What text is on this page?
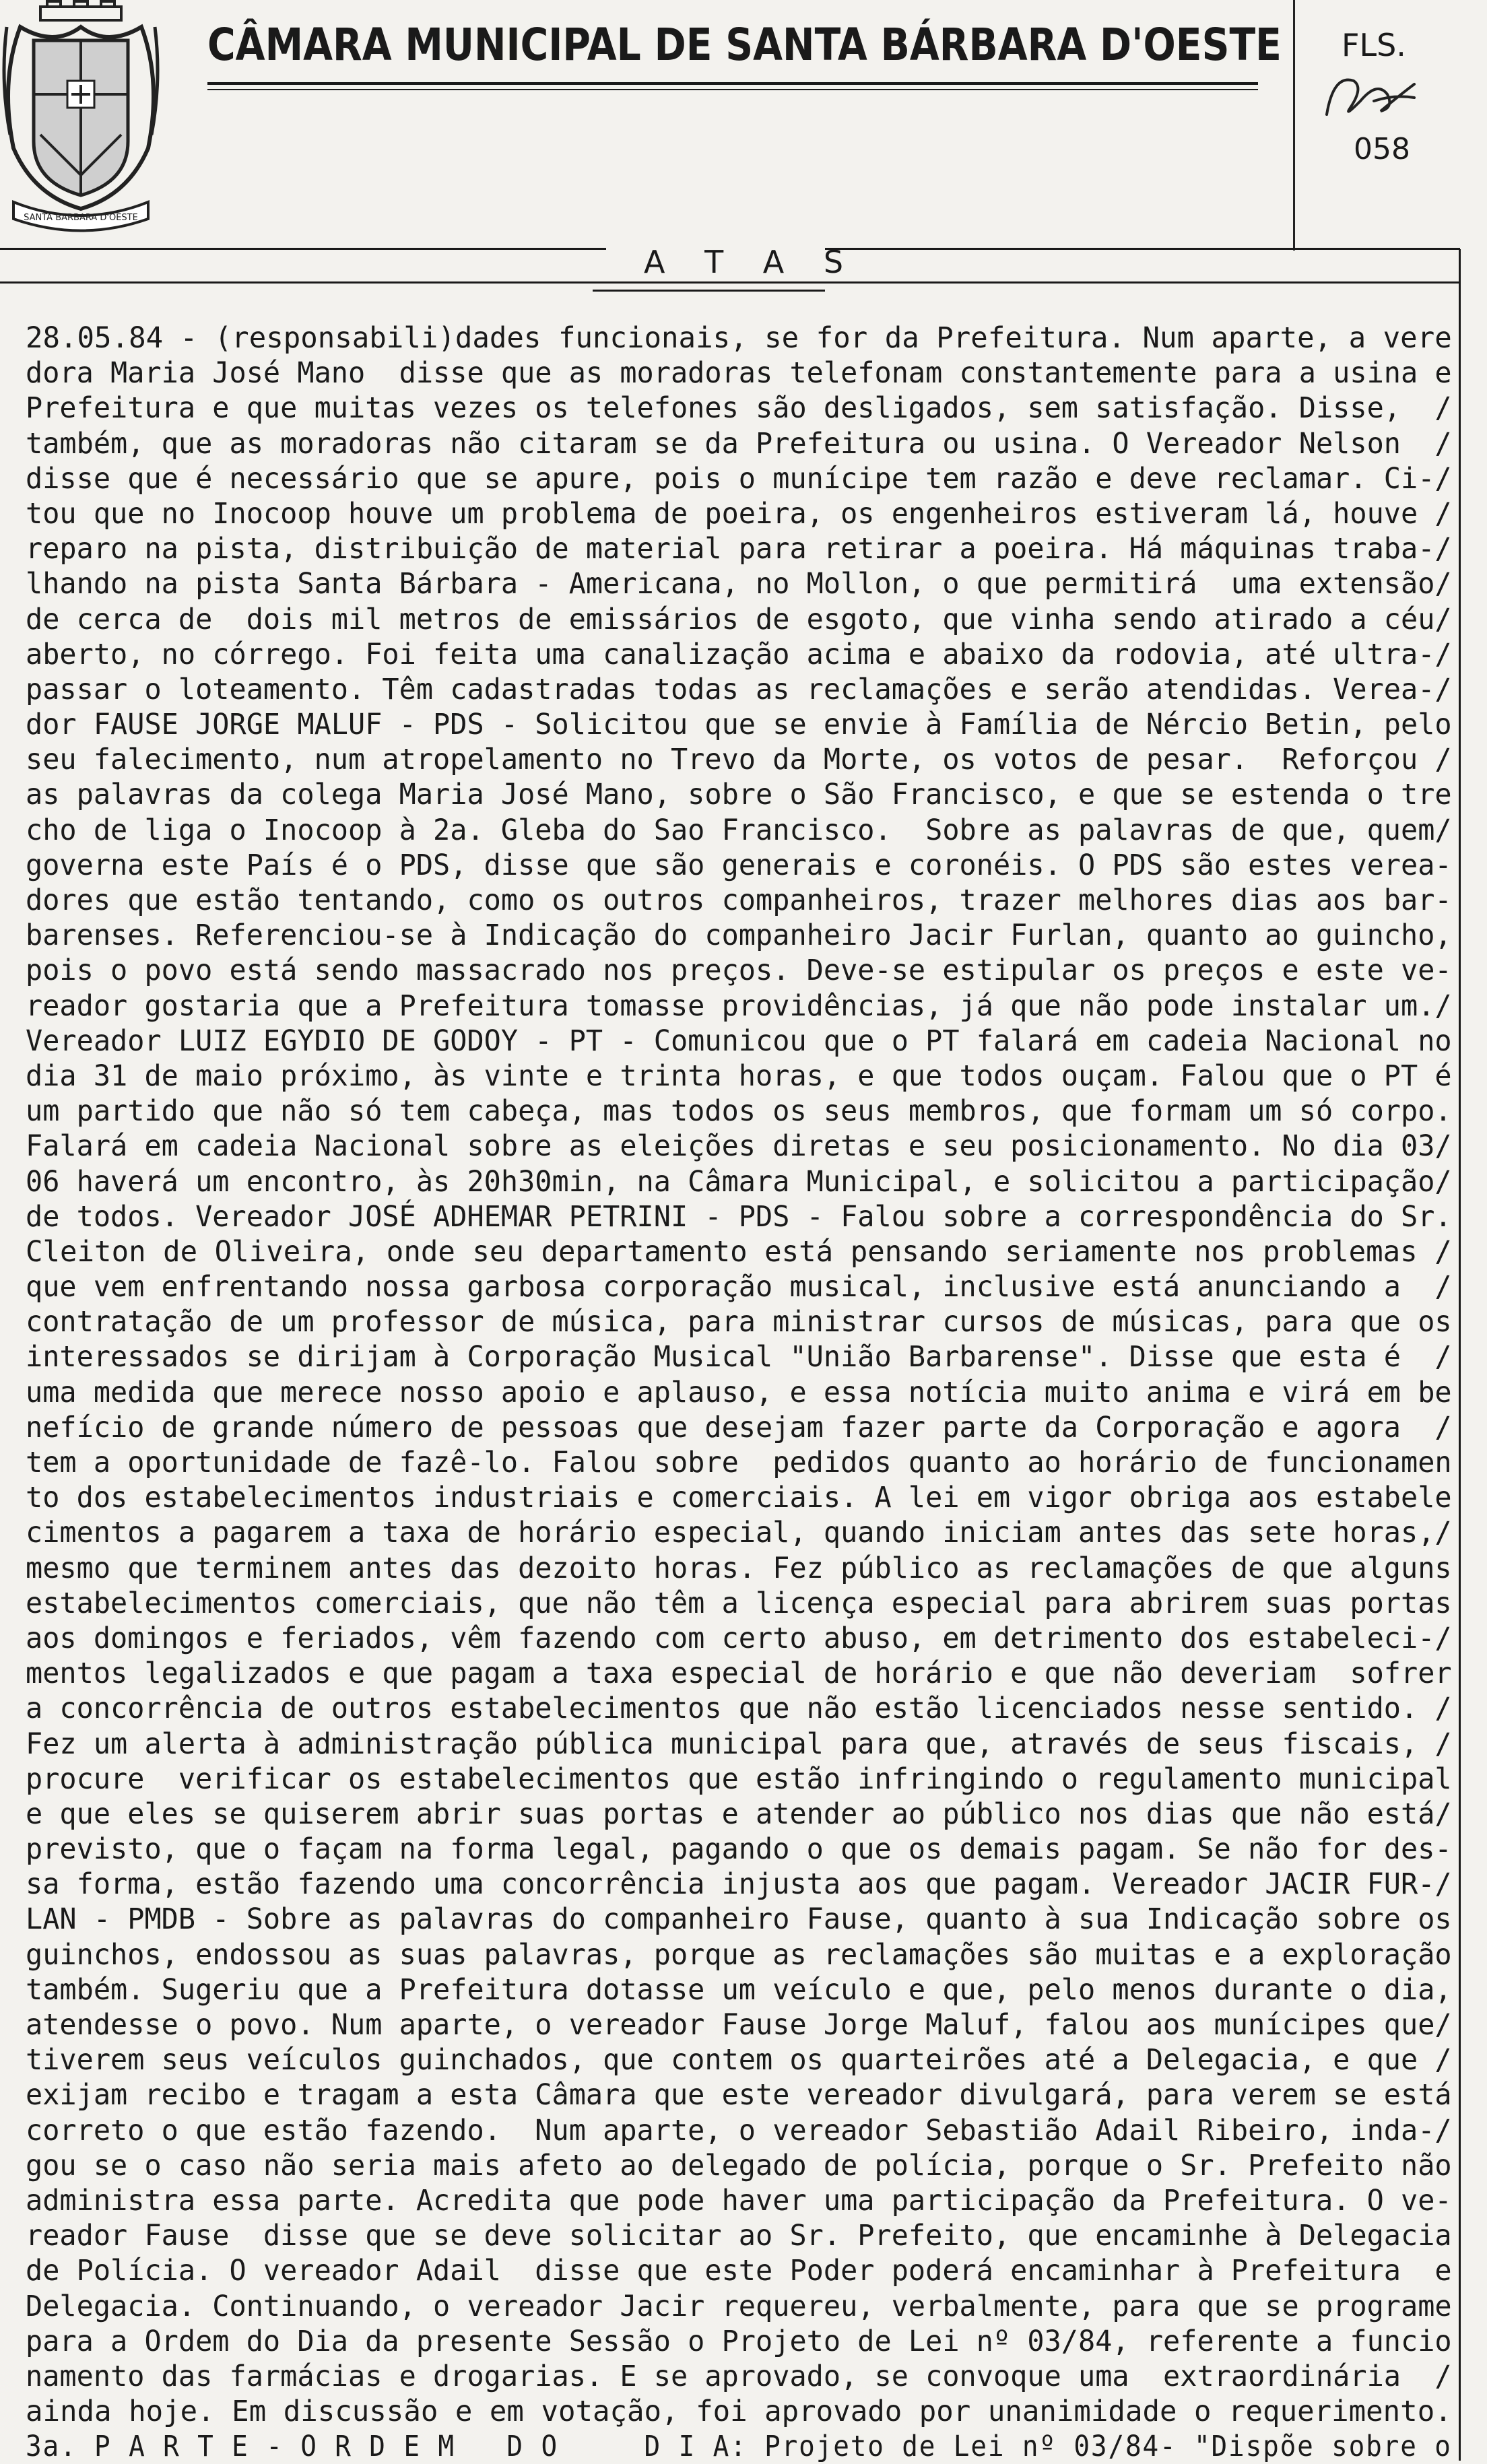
SANTA BARBARA D'OESTE
CÂMARA MUNICIPAL DE SANTA BÁRBARA D'OESTE FLS.
058
A T A S
28.05.84 - (responsabili)dades funcionais, se for da Prefeitura. Num aparte, a vere
dora Maria José Mano  disse que as moradoras telefonam constantemente para a usina e
Prefeitura e que muitas vezes os telefones são desligados, sem satisfação. Disse,  /
também, que as moradoras não citaram se da Prefeitura ou usina. O Vereador Nelson  /
disse que é necessário que se apure, pois o munícipe tem razão e deve reclamar. Ci-/
tou que no Inocoop houve um problema de poeira, os engenheiros estiveram lá, houve /
reparo na pista, distribuição de material para retirar a poeira. Há máquinas traba-/
lhando na pista Santa Bárbara - Americana, no Mollon, o que permitirá  uma extensão/
de cerca de  dois mil metros de emissários de esgoto, que vinha sendo atirado a céu/
aberto, no córrego. Foi feita uma canalização acima e abaixo da rodovia, até ultra-/
passar o loteamento. Têm cadastradas todas as reclamações e serão atendidas. Verea-/
dor FAUSE JORGE MALUF - PDS - Solicitou que se envie à Família de Nércio Betin, pelo
seu falecimento, num atropelamento no Trevo da Morte, os votos de pesar.  Reforçou /
as palavras da colega Maria José Mano, sobre o São Francisco, e que se estenda o tre
cho de liga o Inocoop à 2a. Gleba do Sao Francisco.  Sobre as palavras de que, quem/
governa este País é o PDS, disse que são generais e coronéis. O PDS são estes verea-
dores que estão tentando, como os outros companheiros, trazer melhores dias aos bar-
barenses. Referenciou-se à Indicação do companheiro Jacir Furlan, quanto ao guincho,
pois o povo está sendo massacrado nos preços. Deve-se estipular os preços e este ve-
reador gostaria que a Prefeitura tomasse providências, já que não pode instalar um./
Vereador LUIZ EGYDIO DE GODOY - PT - Comunicou que o PT falará em cadeia Nacional no
dia 31 de maio próximo, às vinte e trinta horas, e que todos ouçam. Falou que o PT é
um partido que não só tem cabeça, mas todos os seus membros, que formam um só corpo.
Falará em cadeia Nacional sobre as eleições diretas e seu posicionamento. No dia 03/
06 haverá um encontro, às 20h30min, na Câmara Municipal, e solicitou a participação/
de todos. Vereador JOSÉ ADHEMAR PETRINI - PDS - Falou sobre a correspondência do Sr.
Cleiton de Oliveira, onde seu departamento está pensando seriamente nos problemas /
que vem enfrentando nossa garbosa corporação musical, inclusive está anunciando a  /
contratação de um professor de música, para ministrar cursos de músicas, para que os
interessados se dirijam à Corporação Musical "União Barbarense". Disse que esta é  /
uma medida que merece nosso apoio e aplauso, e essa notícia muito anima e virá em be
nefício de grande número de pessoas que desejam fazer parte da Corporação e agora  /
tem a oportunidade de fazê-lo. Falou sobre  pedidos quanto ao horário de funcionamen
to dos estabelecimentos industriais e comerciais. A lei em vigor obriga aos estabele
cimentos a pagarem a taxa de horário especial, quando iniciam antes das sete horas,/
mesmo que terminem antes das dezoito horas. Fez público as reclamações de que alguns
estabelecimentos comerciais, que não têm a licença especial para abrirem suas portas
aos domingos e feriados, vêm fazendo com certo abuso, em detrimento dos estabeleci-/
mentos legalizados e que pagam a taxa especial de horário e que não deveriam  sofrer
a concorrência de outros estabelecimentos que não estão licenciados nesse sentido. /
Fez um alerta à administração pública municipal para que, através de seus fiscais, /
procure  verificar os estabelecimentos que estão infringindo o regulamento municipal
e que eles se quiserem abrir suas portas e atender ao público nos dias que não está/
previsto, que o façam na forma legal, pagando o que os demais pagam. Se não for des-
sa forma, estão fazendo uma concorrência injusta aos que pagam. Vereador JACIR FUR-/
LAN - PMDB - Sobre as palavras do companheiro Fause, quanto à sua Indicação sobre os
guinchos, endossou as suas palavras, porque as reclamações são muitas e a exploração
também. Sugeriu que a Prefeitura dotasse um veículo e que, pelo menos durante o dia,
atendesse o povo. Num aparte, o vereador Fause Jorge Maluf, falou aos munícipes que/
tiverem seus veículos guinchados, que contem os quarteirões até a Delegacia, e que /
exijam recibo e tragam a esta Câmara que este vereador divulgará, para verem se está
correto o que estão fazendo.  Num aparte, o vereador Sebastião Adail Ribeiro, inda-/
gou se o caso não seria mais afeto ao delegado de polícia, porque o Sr. Prefeito não
administra essa parte. Acredita que pode haver uma participação da Prefeitura. O ve-
reador Fause  disse que se deve solicitar ao Sr. Prefeito, que encaminhe à Delegacia
de Polícia. O vereador Adail  disse que este Poder poderá encaminhar à Prefeitura  e
Delegacia. Continuando, o vereador Jacir requereu, verbalmente, para que se programe
para a Ordem do Dia da presente Sessão o Projeto de Lei nº 03/84, referente a funcio
namento das farmácias e drogarias. E se aprovado, se convoque uma  extraordinária  /
ainda hoje. Em discussão e em votação, foi aprovado por unanimidade o requerimento.
3a. P A R T E - O R D E M   D O     D I A: Projeto de Lei nº 03/84- "Dispõe sobre o
